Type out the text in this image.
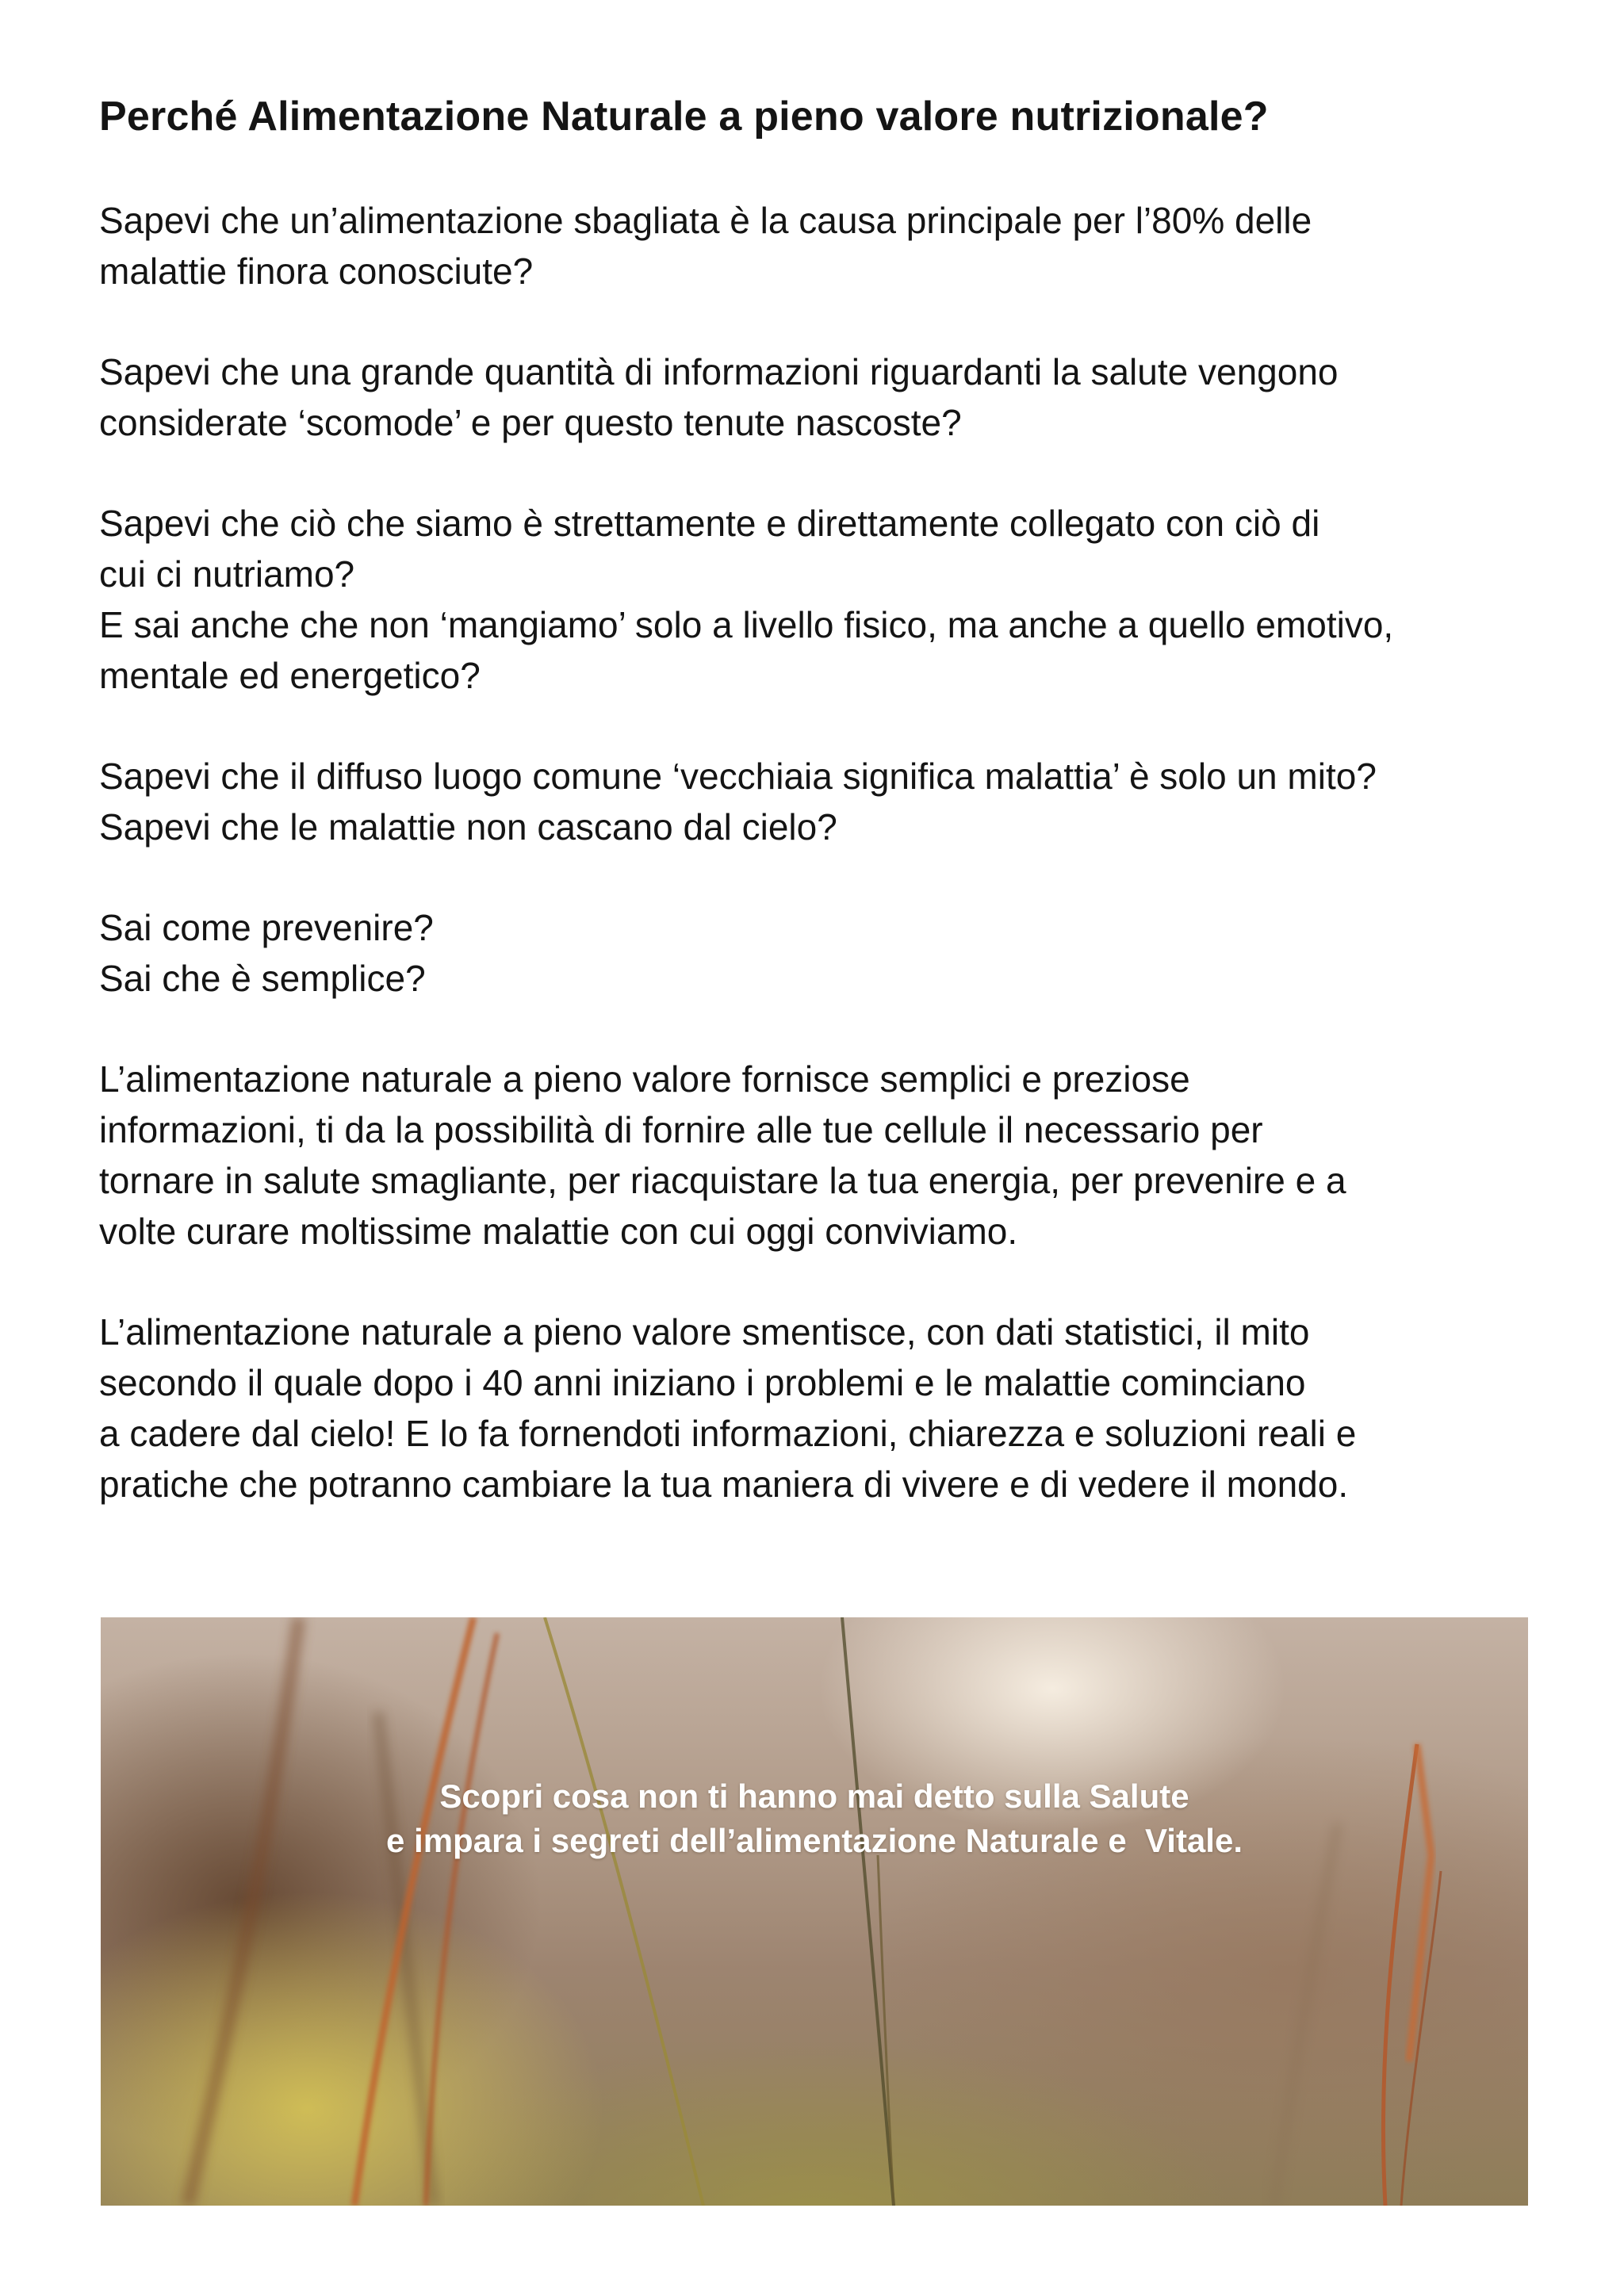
Perché Alimentazione Naturale a pieno valore nutrizionale?

Sapevi che un’alimentazione sbagliata è la causa principale per l’80% delle
malattie finora conosciute?

Sapevi che una grande quantità di informazioni riguardanti la salute vengono
considerate ‘scomode’ e per questo tenute nascoste?

Sapevi che ciò che siamo è strettamente e direttamente collegato con ciò di
cui ci nutriamo?
E sai anche che non ‘mangiamo’ solo a livello fisico, ma anche a quello emotivo,
mentale ed energetico?

Sapevi che il diffuso luogo comune ‘vecchiaia significa malattia’ è solo un mito?
Sapevi che le malattie non cascano dal cielo?

Sai come prevenire?
Sai che è semplice?

L’alimentazione naturale a pieno valore fornisce semplici e preziose
informazioni, ti da la possibilità di fornire alle tue cellule il necessario per
tornare in salute smagliante, per riacquistare la tua energia, per prevenire e a
volte curare moltissime malattie con cui oggi conviviamo.

L’alimentazione naturale a pieno valore smentisce, con dati statistici, il mito
secondo il quale dopo i 40 anni iniziano i problemi e le malattie cominciano
a cadere dal cielo! E lo fa fornendoti informazioni, chiarezza e soluzioni reali e
pratiche che potranno cambiare la tua maniera di vivere e di vedere il mondo.

Scopri cosa non ti hanno mai detto sulla Salute
e impara i segreti dell’alimentazione Naturale e  Vitale.
